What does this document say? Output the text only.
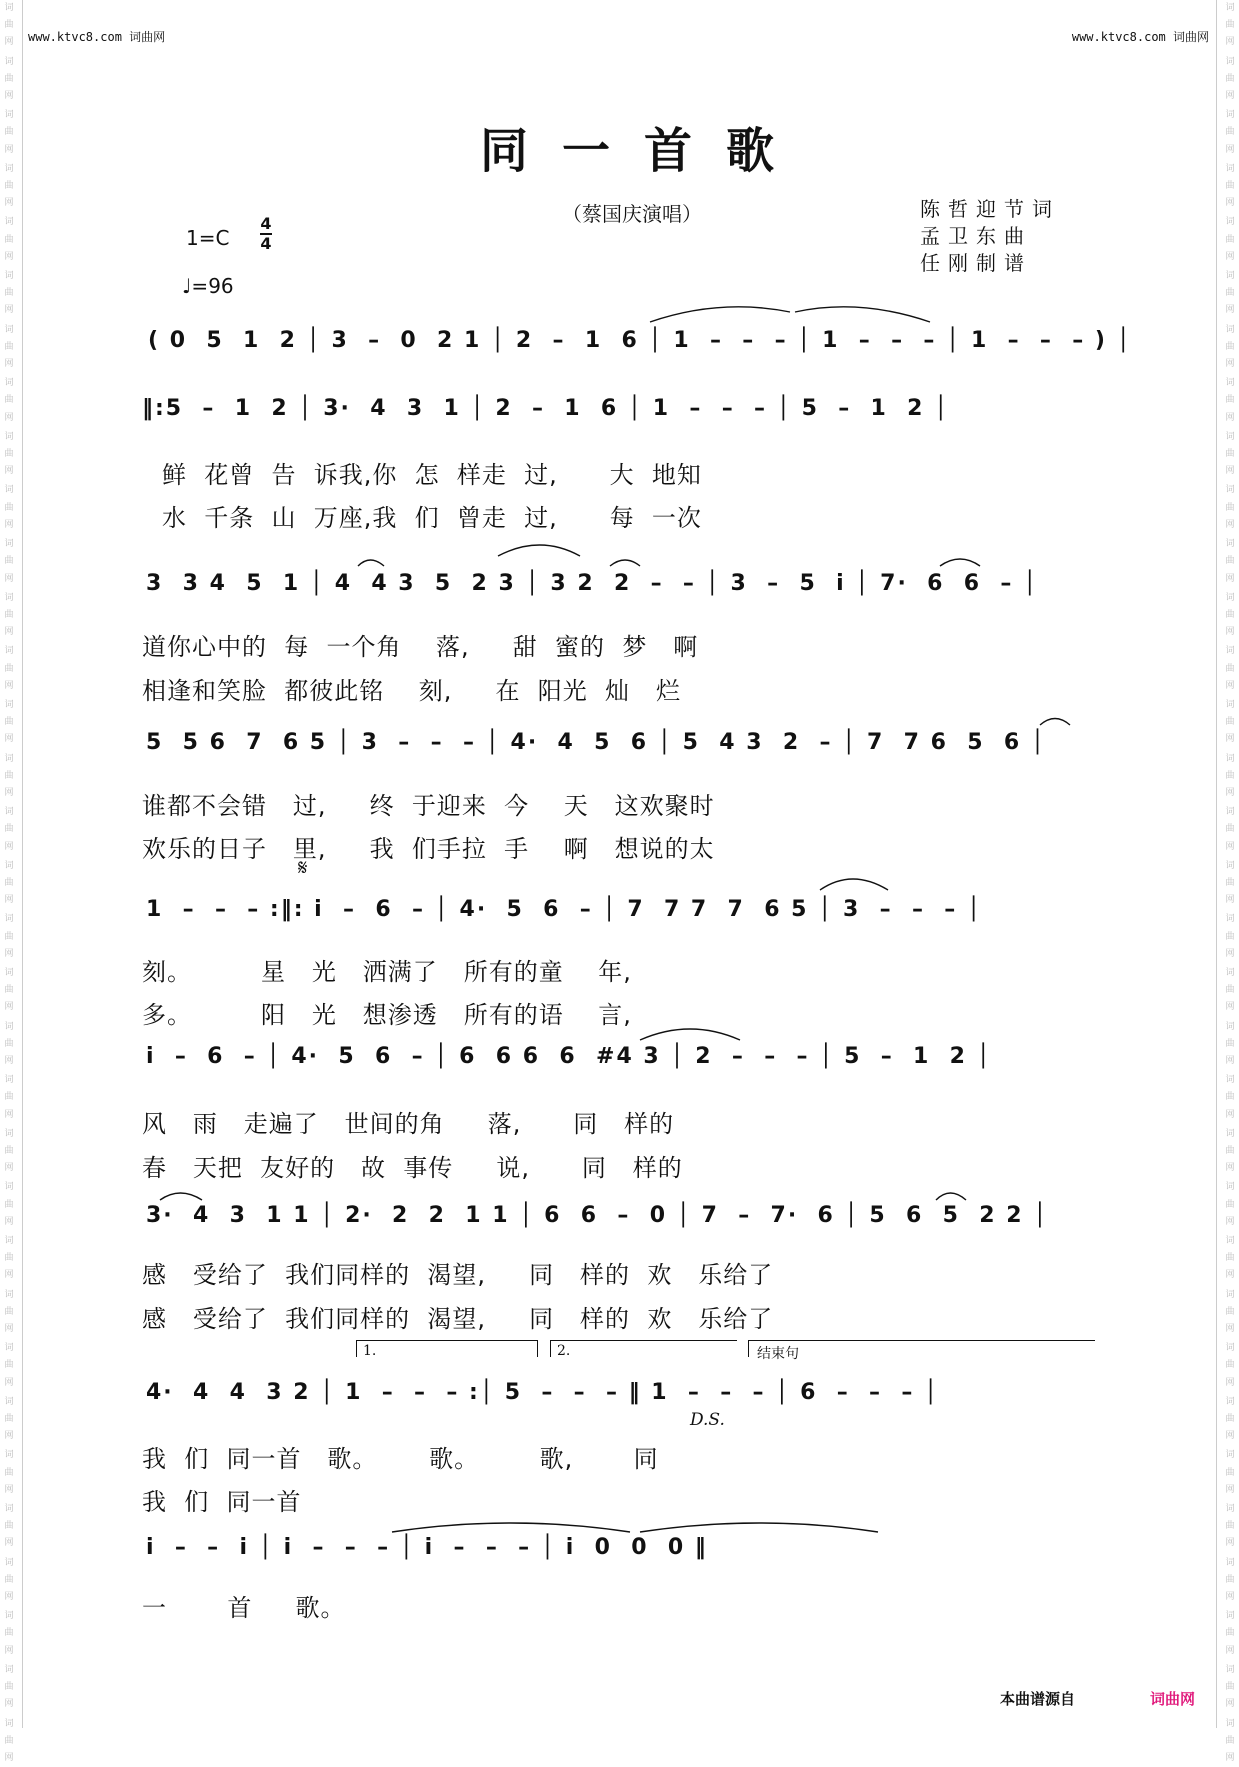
词曲网
词曲网
词曲网
词曲网
词曲网
词曲网
词曲网
词曲网
词曲网
词曲网
词曲网
词曲网
词曲网
词曲网
词曲网
词曲网
词曲网
词曲网
词曲网
词曲网
词曲网
词曲网
词曲网
词曲网
词曲网
词曲网
词曲网
词曲网
词曲网
词曲网
词曲网
词曲网
词曲网
词曲网
词曲网
词曲网
词曲网
词曲网
词曲网
词曲网
词曲网
词曲网
词曲网
词曲网
词曲网
词曲网
词曲网
词曲网
词曲网
词曲网
词曲网
词曲网
词曲网
词曲网
词曲网
词曲网
词曲网
词曲网
词曲网
词曲网
词曲网
词曲网
词曲网
词曲网
词曲网
词曲网
www.ktvc8.com 词曲网	www.ktvc8.com 词曲网
同一首歌
（蔡国庆演唱）
1=C
4
4
♩=96
陈哲迎节词
孟卫东曲
任刚制谱
( 0  5  1  2 │ 3  –  0  2 1 │ 2  –  1  6 │ 1  –  –  – │ 1  –  –  – │ 1  –  –  – ) │
‖:5  –  1  2 │ 3·  4  3  1 │ 2  –  1  6 │ 1  –  –  – │ 5  –  1  2 │
鲜  花曾  告  诉我,你  怎  样走  过,      大  地知
水  千条  山  万座,我  们  曾走  过,      每  一次
3  3 4  5  1 │ 4  4 3  5  2 3 │ 3 2  2  –  – │ 3  –  5  i │ 7·  6  6  – │
道你心中的  每  一个角    落,     甜  蜜的  梦   啊
相逢和笑脸  都彼此铭    刻,     在  阳光  灿   烂
5  5 6  7  6 5 │ 3  –  –  – │ 4·  4  5  6 │ 5  4 3  2  – │ 7  7 6  5  6 │
谁都不会错   过,     终  于迎来  今    天   这欢聚时
欢乐的日子   里,     我  们手拉  手    啊   想说的太
𝄋
1  –  –  – :‖: i  –  6  – │ 4·  5  6  – │ 7  7 7  7  6 5 │ 3  –  –  – │
刻。        星   光   洒满了   所有的童    年,
多。        阳   光   想渗透   所有的语    言,
i  –  6  – │ 4·  5  6  – │ 6  6 6  6  #4 3 │ 2  –  –  – │ 5  –  1  2 │
风   雨   走遍了   世间的角     落,      同   样的
春   天把  友好的   故  事传     说,      同   样的
3·  4  3  1 1 │ 2·  2  2  1 1 │ 6  6  –  0 │ 7  –  7·  6 │ 5  6  5  2 2 │
感   受给了  我们同样的  渴望,     同   样的  欢   乐给了
感   受给了  我们同样的  渴望,     同   样的  欢   乐给了
1.	2.	结束句
4·  4  4  3 2 │ 1  –  –  – :│ 5  –  –  – ‖ 1  –  –  – │ 6  –  –  – │
D.S.
我  们  同一首   歌。      歌。       歌,       同
我  们  同一首
i  –  –  i │ i  –  –  – │ i  –  –  – │ i  0  0  0 ‖
一       首     歌。
本曲谱源自	词曲网
